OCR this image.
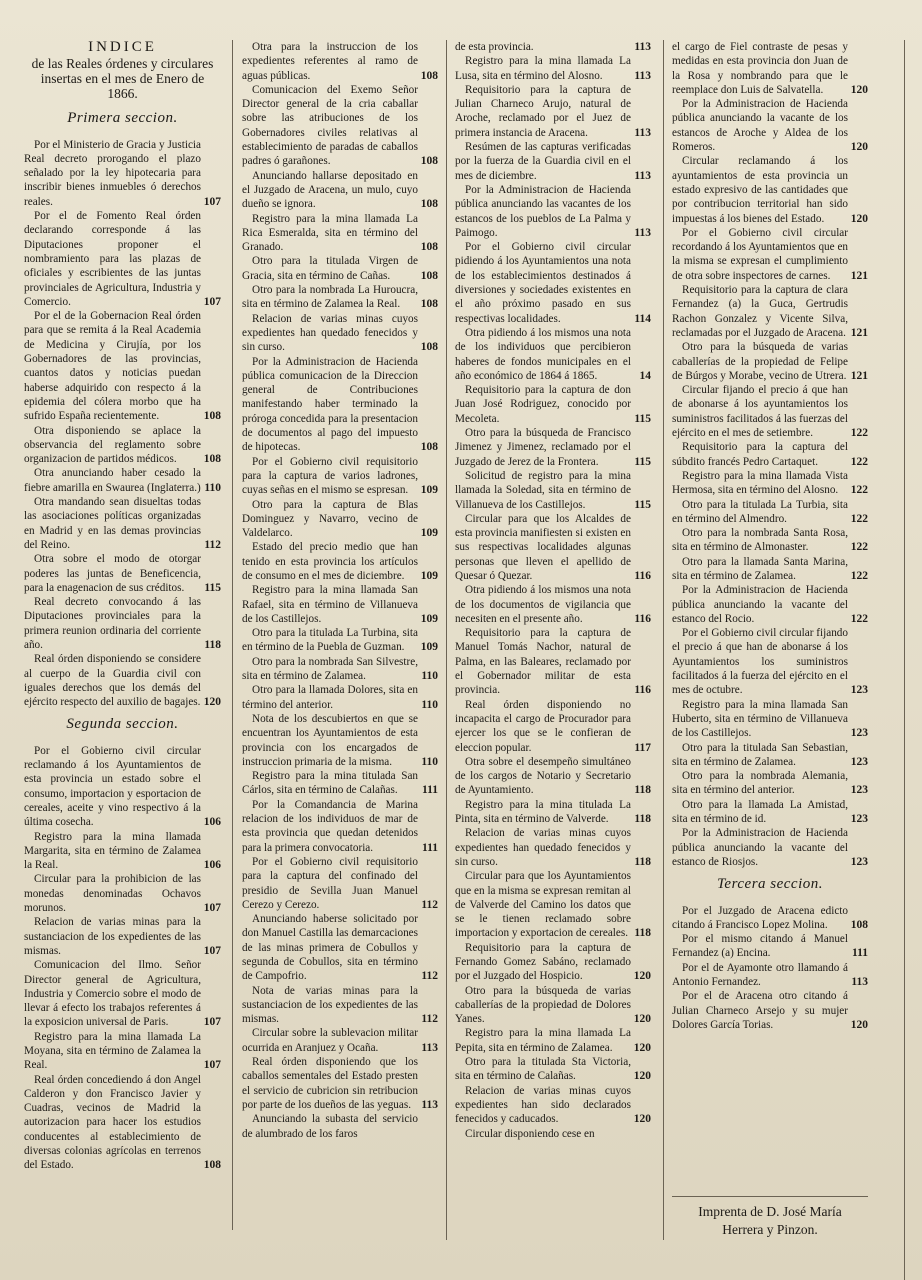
INDICE

de las Reales órdenes y circulares insertas en el mes de Enero de 1866.

Primera seccion.

Por el Ministerio de Gracia y Justicia Real decreto prorogando el plazo señalado por la ley hipotecaria para inscribir bienes inmuebles ó derechos reales.	107

Por el de Fomento Real órden declarando corresponde á las Diputaciones proponer el nombramiento para las plazas de oficiales y escribientes de las juntas provinciales de Agricultura, Industria y Comercio.	107

Por el de la Gobernacion Real órden para que se remita á la Real Academia de Medicina y Cirujía, por los Gobernadores de las provincias, cuantos datos y noticias puedan haberse adquirido con respecto á la epidemia del cólera morbo que ha sufrido España recientemente.	108

Otra disponiendo se aplace la observancia del reglamento sobre organizacion de partidos médicos.	108

Otra anunciando haber cesado la fiebre amarilla en Swaurea (Inglaterra.) 110

Otra mandando sean disueltas todas las asociaciones políticas organizadas en Madrid y en las demas provincias del Reino.	112

Otra sobre el modo de otorgar poderes las juntas de Beneficencia, para la enagenacion de sus créditos.	115

Real decreto convocando á las Diputaciones provinciales para la primera reunion ordinaria del corriente año.	118

Real órden disponiendo se considere al cuerpo de la Guardia civil con iguales derechos que los demás del ejército respecto del auxilio de bagajes. 120

Segunda seccion.

Por el Gobierno civil circular reclamando á los Ayuntamientos de esta provincia un estado sobre el consumo, importacion y esportacion de cereales, aceite y vino respectivo á la última cosecha.	106

Registro para la mina llamada Margarita, sita en término de Zalamea la Real.	106

Circular para la prohibicion de las monedas denominadas Ochavos morunos.	107

Relacion de varias minas para la sustanciacion de los expedientes de las mismas.	107

Comunicacion del Ilmo. Señor Director general de Agricultura, Industria y Comercio sobre el modo de llevar á efecto los trabajos referentes á la exposicion universal de Paris.	107

Registro para la mina llamada La Moyana, sita en término de Zalamea la Real.	107

Real órden concediendo á don Angel Calderon y don Francisco Javier y Cuadras, vecinos de Madrid la autorizacion para hacer los estudios conducentes al establecimiento de diversas colonias agrícolas en terrenos del Estado.	108

Otra para la instruccion de los expedientes referentes al ramo de aguas públicas.	108

Comunicacion del Exemo Señor Director general de la cria caballar sobre las atribuciones de los Gobernadores civiles relativas al establecimiento de paradas de caballos padres ó garañones.	108

Anunciando hallarse depositado en el Juzgado de Aracena, un mulo, cuyo dueño se ignora.	108

Registro para la mina llamada La Rica Esmeralda, sita en término del Granado.	108

Otro para la titulada Virgen de Gracia, sita en término de Cañas.	108

Otro para la nombrada La Huroucra, sita en término de Zalamea la Real.	108

Relacion de varias minas cuyos expedientes han quedado fenecidos y sin curso.	108

Por la Administracion de Hacienda pública comunicacion de la Direccion general de Contribuciones manifestando haber terminado la próroga concedida para la presentacion de documentos al pago del impuesto de hipotecas.	108

Por el Gobierno civil requisitorio para la captura de varios ladrones, cuyas señas en el mismo se espresan.	109

Otro para la captura de Blas Dominguez y Navarro, vecino de Valdelarco.	109

Estado del precio medio que han tenido en esta provincia los artículos de consumo en el mes de diciembre.	109

Registro para la mina llamada San Rafael, sita en término de Villanueva de los Castillejos.	109

Otro para la titulada La Turbina, sita en término de la Puebla de Guzman.	109

Otro para la nombrada San Silvestre, sita en término de Zalamea.	110

Otro para la llamada Dolores, sita en término del anterior.	110

Nota de los descubiertos en que se encuentran los Ayuntamientos de esta provincia con los encargados de instruccion primaria de la misma.	110

Registro para la mina titulada San Cárlos, sita en término de Calañas.	111

Por la Comandancia de Marina relacion de los individuos de mar de esta provincia que quedan detenidos para la primera convocatoria.	111

Por el Gobierno civil requisitorio para la captura del confinado del presidio de Sevilla Juan Manuel Cerezo y Cerezo.	112

Anunciando haberse solicitado por don Manuel Castilla las demarcaciones de las minas primera de Cobullos y segunda de Cobullos, sita en término de Campofrio.	112

Nota de varias minas para la sustanciacion de los expedientes de las mismas.	112

Circular sobre la sublevacion militar ocurrida en Aranjuez y Ocaña.	113

Real órden disponiendo que los caballos sementales del Estado presten el servicio de cubricion sin retribucion por parte de los dueños de las yeguas. 113

Anunciando la subasta del servicio de alumbrado de los faros

de esta provincia.	113

Registro para la mina llamada La Lusa, sita en término del Alosno.	113

Requisitorio para la captura de Julian Charneco Arujo, natural de Aroche, reclamado por el Juez de primera instancia de Aracena.	113

Resúmen de las capturas verificadas por la fuerza de la Guardia civil en el mes de diciembre.	113

Por la Administracion de Hacienda pública anunciando las vacantes de los estancos de los pueblos de La Palma y Paimogo.	113

Por el Gobierno civil circular pidiendo á los Ayuntamientos una nota de los establecimientos destinados á diversiones y sociedades existentes en el año próximo pasado en sus respectivas localidades.	114

Otra pidiendo á los mismos una nota de los individuos que percibieron haberes de fondos municipales en el año económico de 1864 á 1865.	14

Requisitorio para la captura de don Juan José Rodriguez, conocido por Mecoleta.	115

Otro para la búsqueda de Francisco Jimenez y Jimenez, reclamado por el Juzgado de Jerez de la Frontera.	115

Solicitud de registro para la mina llamada la Soledad, sita en término de Villanueva de los Castillejos.	115

Circular para que los Alcaldes de esta provincia manifiesten si existen en sus respectivas localidades algunas personas que lleven el apellido de Quesar ó Quezar.	116

Otra pidiendo á los mismos una nota de los documentos de vigilancia que necesiten en el presente año.	116

Requisitorio para la captura de Manuel Tomás Nachor, natural de Palma, en las Baleares, reclamado por el Gobernador militar de esta provincia.	116

Real órden disponiendo no incapacita el cargo de Procurador para ejercer los que se le confieran de eleccion popular.	117

Otra sobre el desempeño simultáneo de los cargos de Notario y Secretario de Ayuntamiento.	118

Registro para la mina titulada La Pinta, sita en término de Valverde.	118

Relacion de varias minas cuyos expedientes han quedado fenecidos y sin curso.	118

Circular para que los Ayuntamientos que en la misma se expresan remitan al de Valverde del Camino los datos que se le tienen reclamado sobre importacion y exportacion de cereales. 118

Requisitorio para la captura de Fernando Gomez Sabáno, reclamado por el Juzgado del Hospicio.	120

Otro para la búsqueda de varias caballerías de la propiedad de Dolores Yanes.	120

Registro para la mina llamada La Pepita, sita en término de Zalamea.	120

Otro para la titulada Sta Victoria, sita en término de Calañas.	120

Relacion de varias minas cuyos expedientes han sido declarados fenecidos y caducados.	120

Circular disponiendo cese en

el cargo de Fiel contraste de pesas y medidas en esta provincia don Juan de la Rosa y nombrando para que le reemplace don Luis de Salvatella. 120

Por la Administracion de Hacienda pública anunciando la vacante de los estancos de Aroche y Aldea de los Romeros.	120

Circular reclamando á los ayuntamientos de esta provincia un estado expresivo de las cantidades que por contribucion territorial han sido impuestas á los bienes del Estado.	120

Por el Gobierno civil circular recordando á los Ayuntamientos que en la misma se expresan el cumplimiento de otra sobre inspectores de carnes.	121

Requisitorio para la captura de clara Fernandez (a) la Guca, Gertrudis Rachon Gonzalez y Vicente Silva, reclamadas por el Juzgado de Aracena. 121

Otro para la búsqueda de varias caballerías de la propiedad de Felipe de Búrgos y Morabe, vecino de Utrera. 121

Circular fijando el precio á que han de abonarse á los ayuntamientos los suministros facilitados á las fuerzas del ejército en el mes de setiembre.	122

Requisitorio para la captura del súbdito francés Pedro Cartaquet.	122

Registro para la mina llamada Vista Hermosa, sita en término del Alosno.	122

Otro para la titulada La Turbia, sita en término del Almendro.	122

Otro para la nombrada Santa Rosa, sita en término de Almonaster.	122

Otro para la llamada Santa Marina, sita en término de Zalamea.	122

Por la Administracion de Hacienda pública anunciando la vacante del estanco del Rocio.	122

Por el Gobierno civil circular fijando el precio á que han de abonarse á los Ayuntamientos los suministros facilitados á la fuerza del ejército en el mes de octubre.	123

Registro para la mina llamada San Huberto, sita en término de Villanueva de los Castillejos.	123

Otro para la titulada San Sebastian, sita en término de Zalamea.	123

Otro para la nombrada Alemania, sita en término del anterior.	123

Otro para la llamada La Amistad, sita en término de id.	123

Por la Administracion de Hacienda pública anunciando la vacante del estanco de Riosjos.	123

Tercera seccion.

Por el Juzgado de Aracena edicto citando á Francisco Lopez Molina.	108

Por el mismo citando á Manuel Fernandez (a) Encina.	111

Por el de Ayamonte otro llamando á Antonio Fernandez.	113

Por el de Aracena otro citando á Julian Charneco Arsejo y su mujer Dolores García Torias.	120

Imprenta de D. José María
Herrera y Pinzon.
